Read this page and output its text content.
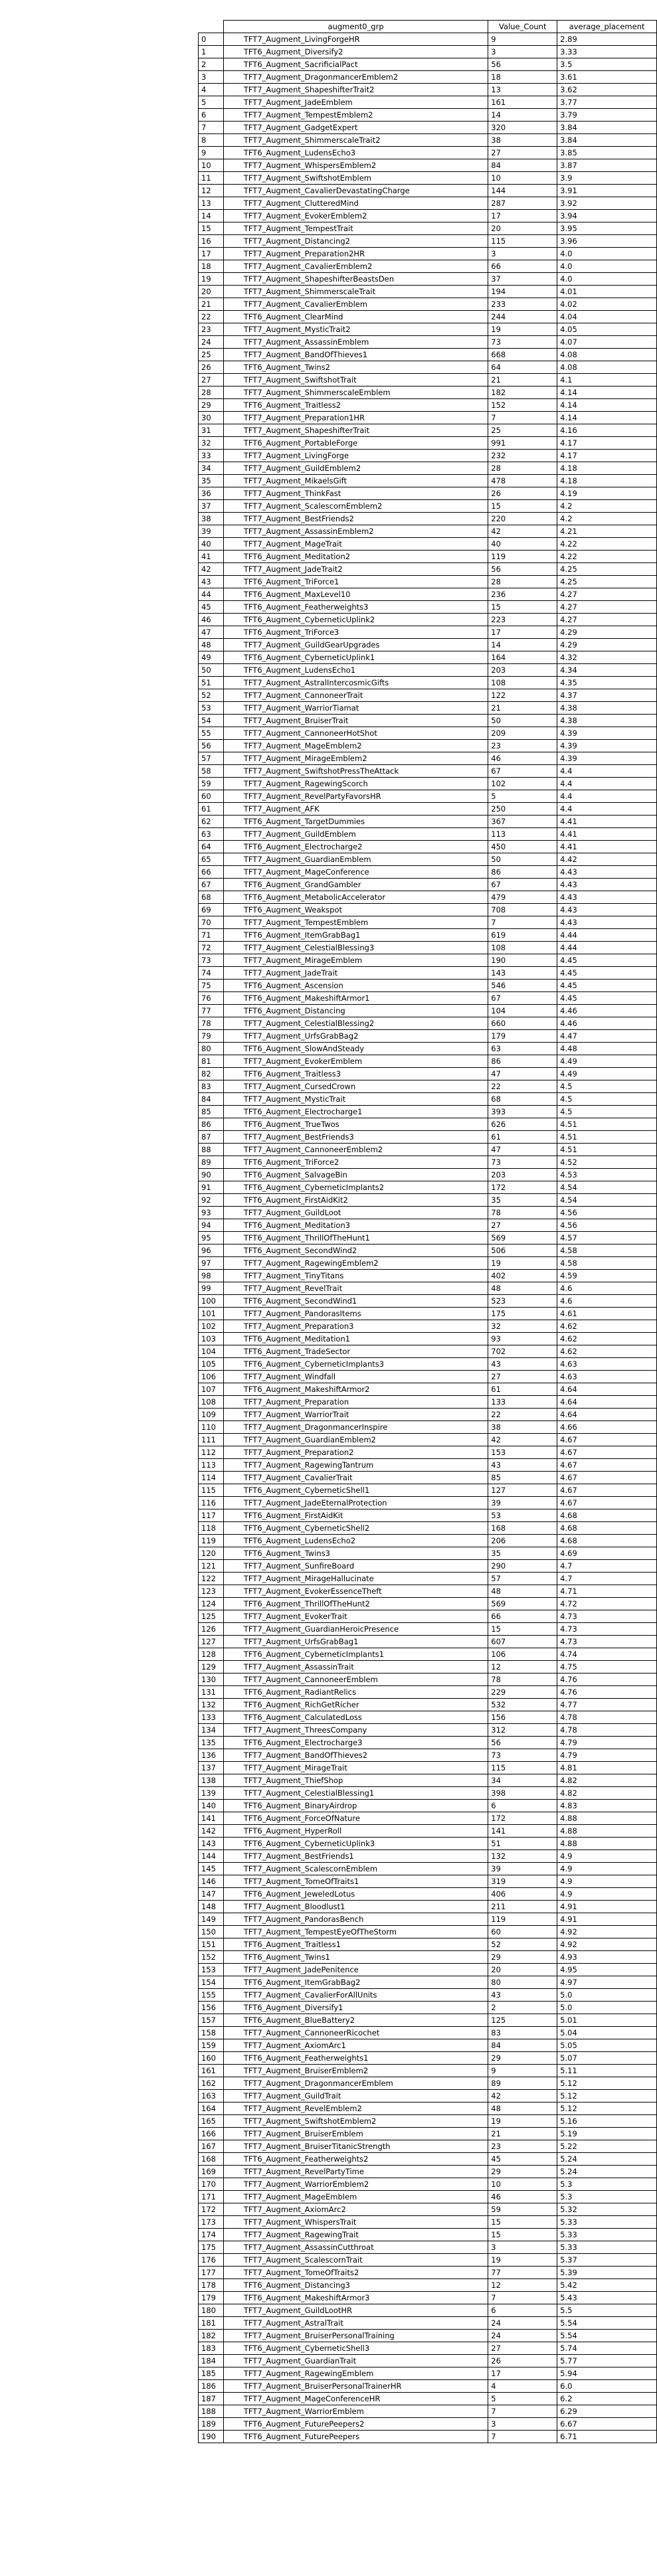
	augment0_grp	Value_Count	average_placement
0	TFT7_Augment_LivingForgeHR	9	2.89
1	TFT6_Augment_Diversify2	3	3.33
2	TFT6_Augment_SacrificialPact	56	3.5
3	TFT7_Augment_DragonmancerEmblem2	18	3.61
4	TFT7_Augment_ShapeshifterTrait2	13	3.62
5	TFT7_Augment_JadeEmblem	161	3.77
6	TFT7_Augment_TempestEmblem2	14	3.79
7	TFT7_Augment_GadgetExpert	320	3.84
8	TFT7_Augment_ShimmerscaleTrait2	38	3.84
9	TFT6_Augment_LudensEcho3	27	3.85
10	TFT7_Augment_WhispersEmblem2	84	3.87
11	TFT7_Augment_SwiftshotEmblem	10	3.9
12	TFT7_Augment_CavalierDevastatingCharge	144	3.91
13	TFT7_Augment_ClutteredMind	287	3.92
14	TFT7_Augment_EvokerEmblem2	17	3.94
15	TFT7_Augment_TempestTrait	20	3.95
16	TFT7_Augment_Distancing2	115	3.96
17	TFT7_Augment_Preparation2HR	3	4.0
18	TFT7_Augment_CavalierEmblem2	66	4.0
19	TFT7_Augment_ShapeshifterBeastsDen	37	4.0
20	TFT7_Augment_ShimmerscaleTrait	194	4.01
21	TFT7_Augment_CavalierEmblem	233	4.02
22	TFT6_Augment_ClearMind	244	4.04
23	TFT7_Augment_MysticTrait2	19	4.05
24	TFT7_Augment_AssassinEmblem	73	4.07
25	TFT7_Augment_BandOfThieves1	668	4.08
26	TFT6_Augment_Twins2	64	4.08
27	TFT7_Augment_SwiftshotTrait	21	4.1
28	TFT7_Augment_ShimmerscaleEmblem	182	4.14
29	TFT6_Augment_Traitless2	152	4.14
30	TFT7_Augment_Preparation1HR	7	4.14
31	TFT7_Augment_ShapeshifterTrait	25	4.16
32	TFT6_Augment_PortableForge	991	4.17
33	TFT7_Augment_LivingForge	232	4.17
34	TFT7_Augment_GuildEmblem2	28	4.18
35	TFT7_Augment_MikaelsGift	478	4.18
36	TFT7_Augment_ThinkFast	26	4.19
37	TFT7_Augment_ScalescornEmblem2	15	4.2
38	TFT7_Augment_BestFriends2	220	4.2
39	TFT7_Augment_AssassinEmblem2	42	4.21
40	TFT7_Augment_MageTrait	40	4.22
41	TFT6_Augment_Meditation2	119	4.22
42	TFT7_Augment_JadeTrait2	56	4.25
43	TFT6_Augment_TriForce1	28	4.25
44	TFT6_Augment_MaxLevel10	236	4.27
45	TFT6_Augment_Featherweights3	15	4.27
46	TFT6_Augment_CyberneticUplink2	223	4.27
47	TFT6_Augment_TriForce3	17	4.29
48	TFT7_Augment_GuildGearUpgrades	14	4.29
49	TFT6_Augment_CyberneticUplink1	164	4.32
50	TFT6_Augment_LudensEcho1	203	4.34
51	TFT7_Augment_AstralIntercosmicGifts	108	4.35
52	TFT7_Augment_CannoneerTrait	122	4.37
53	TFT7_Augment_WarriorTiamat	21	4.38
54	TFT7_Augment_BruiserTrait	50	4.38
55	TFT7_Augment_CannoneerHotShot	209	4.39
56	TFT7_Augment_MageEmblem2	23	4.39
57	TFT7_Augment_MirageEmblem2	46	4.39
58	TFT7_Augment_SwiftshotPressTheAttack	67	4.4
59	TFT7_Augment_RagewingScorch	102	4.4
60	TFT7_Augment_RevelPartyFavorsHR	5	4.4
61	TFT7_Augment_AFK	250	4.4
62	TFT6_Augment_TargetDummies	367	4.41
63	TFT7_Augment_GuildEmblem	113	4.41
64	TFT6_Augment_Electrocharge2	450	4.41
65	TFT7_Augment_GuardianEmblem	50	4.42
66	TFT7_Augment_MageConference	86	4.43
67	TFT6_Augment_GrandGambler	67	4.43
68	TFT6_Augment_MetabolicAccelerator	479	4.43
69	TFT6_Augment_Weakspot	708	4.43
70	TFT7_Augment_TempestEmblem	7	4.43
71	TFT6_Augment_ItemGrabBag1	619	4.44
72	TFT7_Augment_CelestialBlessing3	108	4.44
73	TFT7_Augment_MirageEmblem	190	4.45
74	TFT7_Augment_JadeTrait	143	4.45
75	TFT6_Augment_Ascension	546	4.45
76	TFT6_Augment_MakeshiftArmor1	67	4.45
77	TFT6_Augment_Distancing	104	4.46
78	TFT7_Augment_CelestialBlessing2	660	4.46
79	TFT7_Augment_UrfsGrabBag2	179	4.47
80	TFT6_Augment_SlowAndSteady	63	4.48
81	TFT7_Augment_EvokerEmblem	86	4.49
82	TFT6_Augment_Traitless3	47	4.49
83	TFT7_Augment_CursedCrown	22	4.5
84	TFT7_Augment_MysticTrait	68	4.5
85	TFT6_Augment_Electrocharge1	393	4.5
86	TFT6_Augment_TrueTwos	626	4.51
87	TFT7_Augment_BestFriends3	61	4.51
88	TFT7_Augment_CannoneerEmblem2	47	4.51
89	TFT6_Augment_TriForce2	73	4.52
90	TFT6_Augment_SalvageBin	203	4.53
91	TFT6_Augment_CyberneticImplants2	172	4.54
92	TFT6_Augment_FirstAidKit2	35	4.54
93	TFT7_Augment_GuildLoot	78	4.56
94	TFT6_Augment_Meditation3	27	4.56
95	TFT6_Augment_ThrillOfTheHunt1	569	4.57
96	TFT6_Augment_SecondWind2	506	4.58
97	TFT7_Augment_RagewingEmblem2	19	4.58
98	TFT7_Augment_TinyTitans	402	4.59
99	TFT7_Augment_RevelTrait	48	4.6
100	TFT6_Augment_SecondWind1	523	4.6
101	TFT7_Augment_PandorasItems	175	4.61
102	TFT7_Augment_Preparation3	32	4.62
103	TFT6_Augment_Meditation1	93	4.62
104	TFT6_Augment_TradeSector	702	4.62
105	TFT6_Augment_CyberneticImplants3	43	4.63
106	TFT7_Augment_Windfall	27	4.63
107	TFT6_Augment_MakeshiftArmor2	61	4.64
108	TFT7_Augment_Preparation	133	4.64
109	TFT7_Augment_WarriorTrait	22	4.64
110	TFT7_Augment_DragonmancerInspire	38	4.66
111	TFT7_Augment_GuardianEmblem2	42	4.67
112	TFT7_Augment_Preparation2	153	4.67
113	TFT7_Augment_RagewingTantrum	43	4.67
114	TFT7_Augment_CavalierTrait	85	4.67
115	TFT6_Augment_CyberneticShell1	127	4.67
116	TFT7_Augment_JadeEternalProtection	39	4.67
117	TFT6_Augment_FirstAidKit	53	4.68
118	TFT6_Augment_CyberneticShell2	168	4.68
119	TFT6_Augment_LudensEcho2	206	4.68
120	TFT6_Augment_Twins3	35	4.69
121	TFT7_Augment_SunfireBoard	290	4.7
122	TFT7_Augment_MirageHallucinate	57	4.7
123	TFT7_Augment_EvokerEssenceTheft	48	4.71
124	TFT6_Augment_ThrillOfTheHunt2	569	4.72
125	TFT7_Augment_EvokerTrait	66	4.73
126	TFT7_Augment_GuardianHeroicPresence	15	4.73
127	TFT7_Augment_UrfsGrabBag1	607	4.73
128	TFT6_Augment_CyberneticImplants1	106	4.74
129	TFT7_Augment_AssassinTrait	12	4.75
130	TFT7_Augment_CannoneerEmblem	78	4.76
131	TFT6_Augment_RadiantRelics	229	4.76
132	TFT6_Augment_RichGetRicher	532	4.77
133	TFT6_Augment_CalculatedLoss	156	4.78
134	TFT7_Augment_ThreesCompany	312	4.78
135	TFT6_Augment_Electrocharge3	56	4.79
136	TFT7_Augment_BandOfThieves2	73	4.79
137	TFT7_Augment_MirageTrait	115	4.81
138	TFT7_Augment_ThiefShop	34	4.82
139	TFT7_Augment_CelestialBlessing1	398	4.82
140	TFT6_Augment_BinaryAirdrop	6	4.83
141	TFT6_Augment_ForceOfNature	172	4.88
142	TFT6_Augment_HyperRoll	141	4.88
143	TFT6_Augment_CyberneticUplink3	51	4.88
144	TFT7_Augment_BestFriends1	132	4.9
145	TFT7_Augment_ScalescornEmblem	39	4.9
146	TFT7_Augment_TomeOfTraits1	319	4.9
147	TFT6_Augment_JeweledLotus	406	4.9
148	TFT7_Augment_Bloodlust1	211	4.91
149	TFT7_Augment_PandorasBench	119	4.91
150	TFT7_Augment_TempestEyeOfTheStorm	60	4.92
151	TFT6_Augment_Traitless1	52	4.92
152	TFT6_Augment_Twins1	29	4.93
153	TFT7_Augment_JadePenitence	20	4.95
154	TFT6_Augment_ItemGrabBag2	80	4.97
155	TFT7_Augment_CavalierForAllUnits	43	5.0
156	TFT6_Augment_Diversify1	2	5.0
157	TFT6_Augment_BlueBattery2	125	5.01
158	TFT7_Augment_CannoneerRicochet	83	5.04
159	TFT7_Augment_AxiomArc1	84	5.05
160	TFT6_Augment_Featherweights1	29	5.07
161	TFT7_Augment_BruiserEmblem2	9	5.11
162	TFT7_Augment_DragonmancerEmblem	89	5.12
163	TFT7_Augment_GuildTrait	42	5.12
164	TFT7_Augment_RevelEmblem2	48	5.12
165	TFT7_Augment_SwiftshotEmblem2	19	5.16
166	TFT7_Augment_BruiserEmblem	21	5.19
167	TFT7_Augment_BruiserTitanicStrength	23	5.22
168	TFT6_Augment_Featherweights2	45	5.24
169	TFT7_Augment_RevelPartyTime	29	5.24
170	TFT7_Augment_WarriorEmblem2	10	5.3
171	TFT7_Augment_MageEmblem	46	5.3
172	TFT7_Augment_AxiomArc2	59	5.32
173	TFT7_Augment_WhispersTrait	15	5.33
174	TFT7_Augment_RagewingTrait	15	5.33
175	TFT7_Augment_AssassinCutthroat	3	5.33
176	TFT7_Augment_ScalescornTrait	19	5.37
177	TFT7_Augment_TomeOfTraits2	77	5.39
178	TFT6_Augment_Distancing3	12	5.42
179	TFT6_Augment_MakeshiftArmor3	7	5.43
180	TFT7_Augment_GuildLootHR	6	5.5
181	TFT7_Augment_AstralTrait	24	5.54
182	TFT7_Augment_BruiserPersonalTraining	24	5.54
183	TFT6_Augment_CyberneticShell3	27	5.74
184	TFT7_Augment_GuardianTrait	26	5.77
185	TFT7_Augment_RagewingEmblem	17	5.94
186	TFT7_Augment_BruiserPersonalTrainerHR	4	6.0
187	TFT7_Augment_MageConferenceHR	5	6.2
188	TFT7_Augment_WarriorEmblem	7	6.29
189	TFT6_Augment_FuturePeepers2	3	6.67
190	TFT6_Augment_FuturePeepers	7	6.71
